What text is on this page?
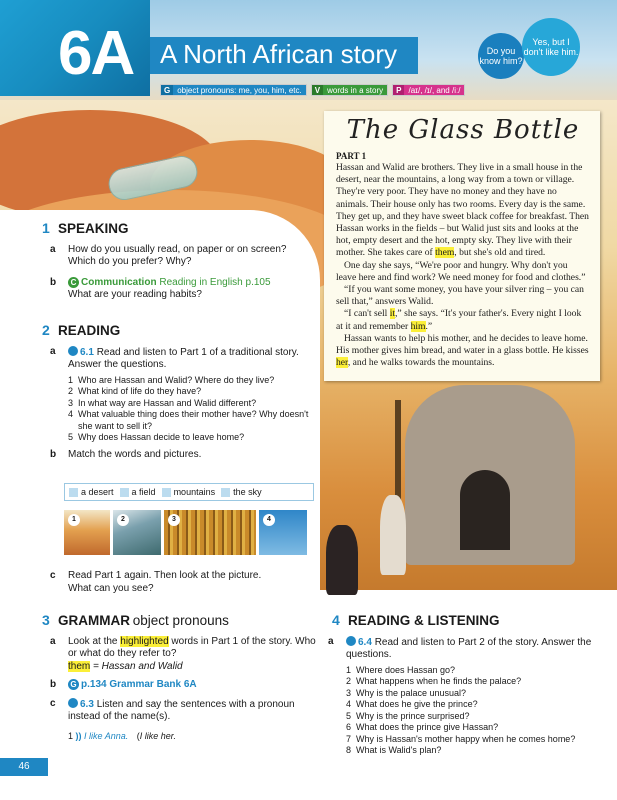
6A A North African story	Do you know him?
Yes, but I don't like him.
G object pronouns: me, you, him, etc.	V words in a story	P /aɪ/, /ɪ/, and /iː/
The Glass Bottle
PART 1

Hassan and Walid are brothers. They live in a small house in the desert, near the mountains, a long way from a town or village. They're very poor. They have no money and they have no animals. Their house only has two rooms. Every day is the same. They get up, and they have sweet black coffee for breakfast. Then Hassan works in the fields – but Walid just sits and looks at the hot, empty desert and the hot, empty sky. They live with their mother. She takes care of them, but she's old and tired.

One day she says, “We're poor and hungry. Why don't you leave here and find work? We need money for food and clothes.”

“If you want some money, you have your silver ring – you can sell that,” answers Walid.

“I can't sell it,” she says. “It's your father's. Every night I look at it and remember him.”

Hassan wants to help his mother, and he decides to leave home. His mother gives him bread, and water in a glass bottle. He kisses her, and he walks towards the mountains.

1 SPEAKING
a How do you usually read, on paper or on screen? Which do you prefer? Why?
b C Communication Reading in English p.105
What are your reading habits?
2 READING
a 6.1 Read and listen to Part 1 of a traditional story. Answer the questions.
1 Who are Hassan and Walid? Where do they live?
2 What kind of life do they have?
3 In what way are Hassan and Walid different?
4 What valuable thing does their mother have? Why doesn't she want to sell it?
5 Why does Hassan decide to leave home?
b Match the words and pictures.
a desert a field mountains the sky
1	2	3	4
c Read Part 1 again. Then look at the picture. What can you see?
3 GRAMMAR object pronouns
a Look at the highlighted words in Part 1 of the story. Who or what do they refer to?
them = Hassan and Walid
b G p.134 Grammar Bank 6A
c 6.3 Listen and say the sentences with a pronoun instead of the name(s).
1 )) I like Anna. (I like her.
4 READING & LISTENING
a 6.4 Read and listen to Part 2 of the story. Answer the questions.
1 Where does Hassan go?
2 What happens when he finds the palace?
3 Why is the palace unusual?
4 What does he give the prince?
5 Why is the prince surprised?
6 What does the prince give Hassan?
7 Why is Hassan's mother happy when he comes home?
8 What is Walid's plan?
46
